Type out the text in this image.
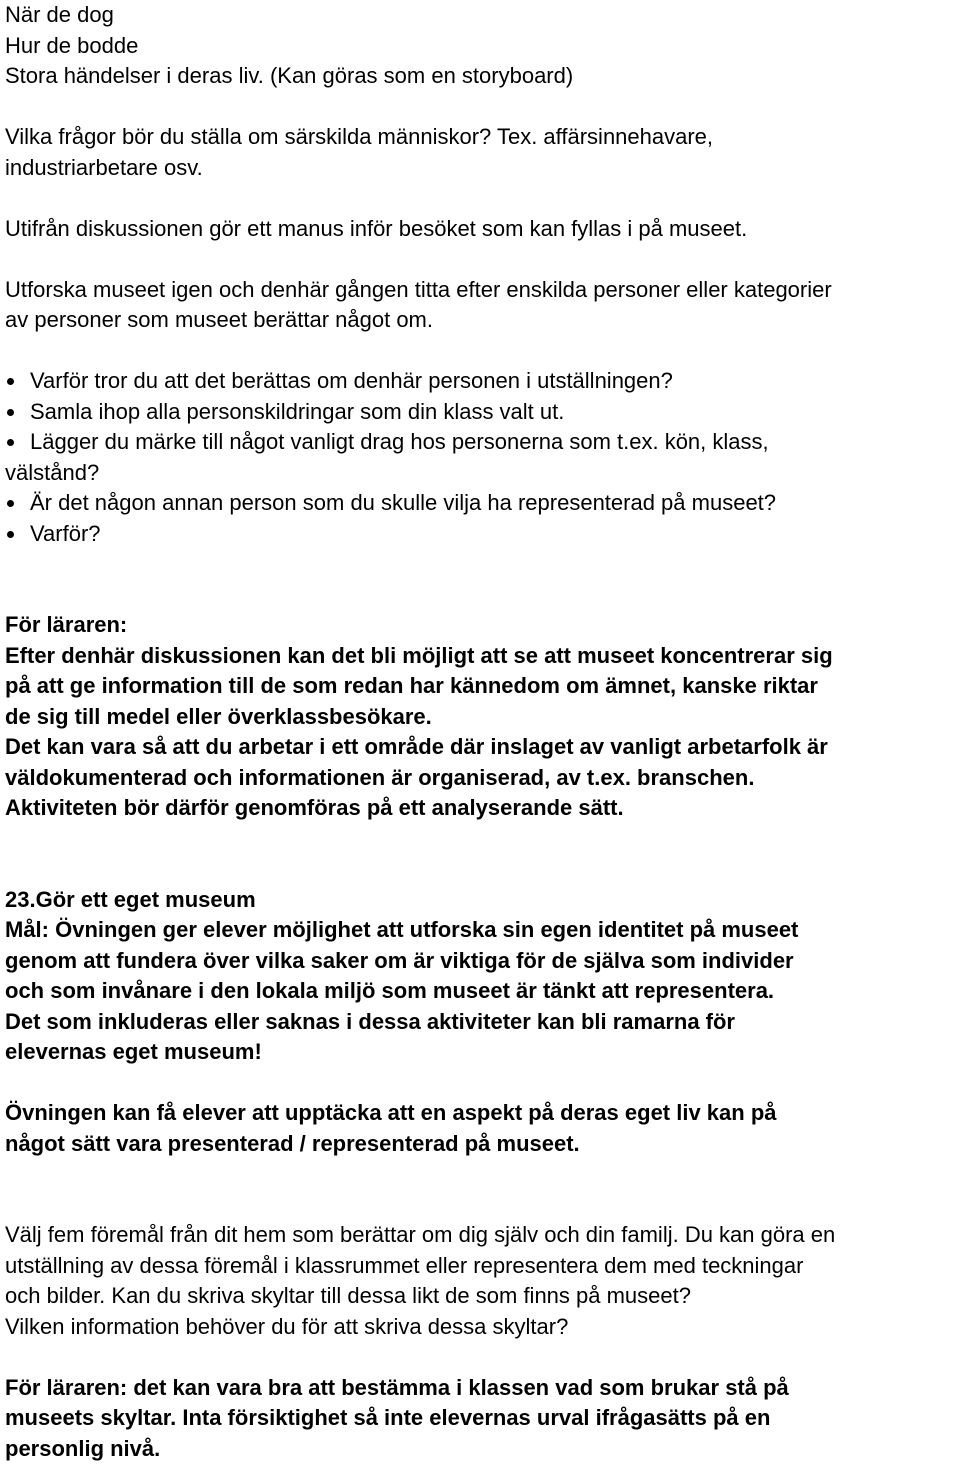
När de dog
Hur de bodde
Stora händelser i deras liv. (Kan göras som en storyboard)
Vilka frågor bör du ställa om särskilda människor? Tex. affärsinnehavare,
industriarbetare osv.
Utifrån diskussionen gör ett manus inför besöket som kan fyllas i på museet.
Utforska museet igen och denhär gången titta efter enskilda personer eller kategorier
av personer som museet berättar något om.
Varför tror du att det berättas om denhär personen i utställningen?
Samla ihop alla personskildringar som din klass valt ut.
Lägger du märke till något vanligt drag hos personerna som t.ex. kön, klass,
välstånd?
Är det någon annan person som du skulle vilja ha representerad på museet?
Varför?
För läraren:
Efter denhär diskussionen kan det bli möjligt att se att museet koncentrerar sig
på att ge information till de som redan har kännedom om ämnet, kanske riktar
de sig till medel eller överklassbesökare.
Det kan vara så att du arbetar i ett område där inslaget av vanligt arbetarfolk är
väldokumenterad och informationen är organiserad, av t.ex. branschen.
Aktiviteten bör därför genomföras på ett analyserande sätt.
23.Gör ett eget museum
Mål: Övningen ger elever möjlighet att utforska sin egen identitet på museet
genom att fundera över vilka saker om är viktiga för de själva som individer
och som invånare i den lokala miljö som museet är tänkt att representera.
Det som inkluderas eller saknas i dessa aktiviteter kan bli ramarna för
elevernas eget museum!
Övningen kan få elever att upptäcka att en aspekt på deras eget liv kan på
något sätt vara presenterad / representerad på museet.
Välj fem föremål från dit hem som berättar om dig själv och din familj. Du kan göra en
utställning av dessa föremål i klassrummet eller representera dem med teckningar
och bilder. Kan du skriva skyltar till dessa likt de som finns på museet?
Vilken information behöver du för att skriva dessa skyltar?
För läraren: det kan vara bra att bestämma i klassen vad som brukar stå på
museets skyltar. Inta försiktighet så inte elevernas urval ifrågasätts på en
personlig nivå.
